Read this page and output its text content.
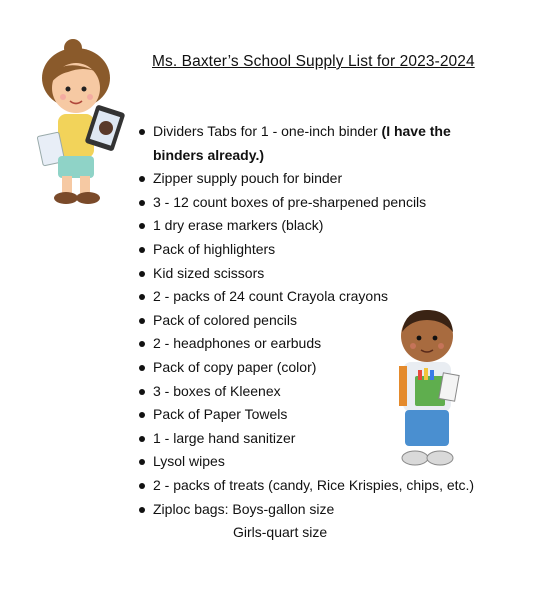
Ms. Baxter’s School Supply List for 2023-2024
Dividers Tabs for 1 - one-inch binder (I have the
binders already.)
Zipper supply pouch for binder
3 - 12 count boxes of pre-sharpened pencils
1 dry erase markers (black)
Pack of highlighters
Kid sized scissors
2 - packs of 24 count Crayola crayons
Pack of colored pencils
2 - headphones or earbuds
Pack of copy paper (color)
3 - boxes of Kleenex
Pack of Paper Towels
1 - large hand sanitizer
Lysol wipes
2 - packs of treats (candy, Rice Krispies, chips, etc.)
Ziploc bags: Boys-gallon size
Girls-quart size
